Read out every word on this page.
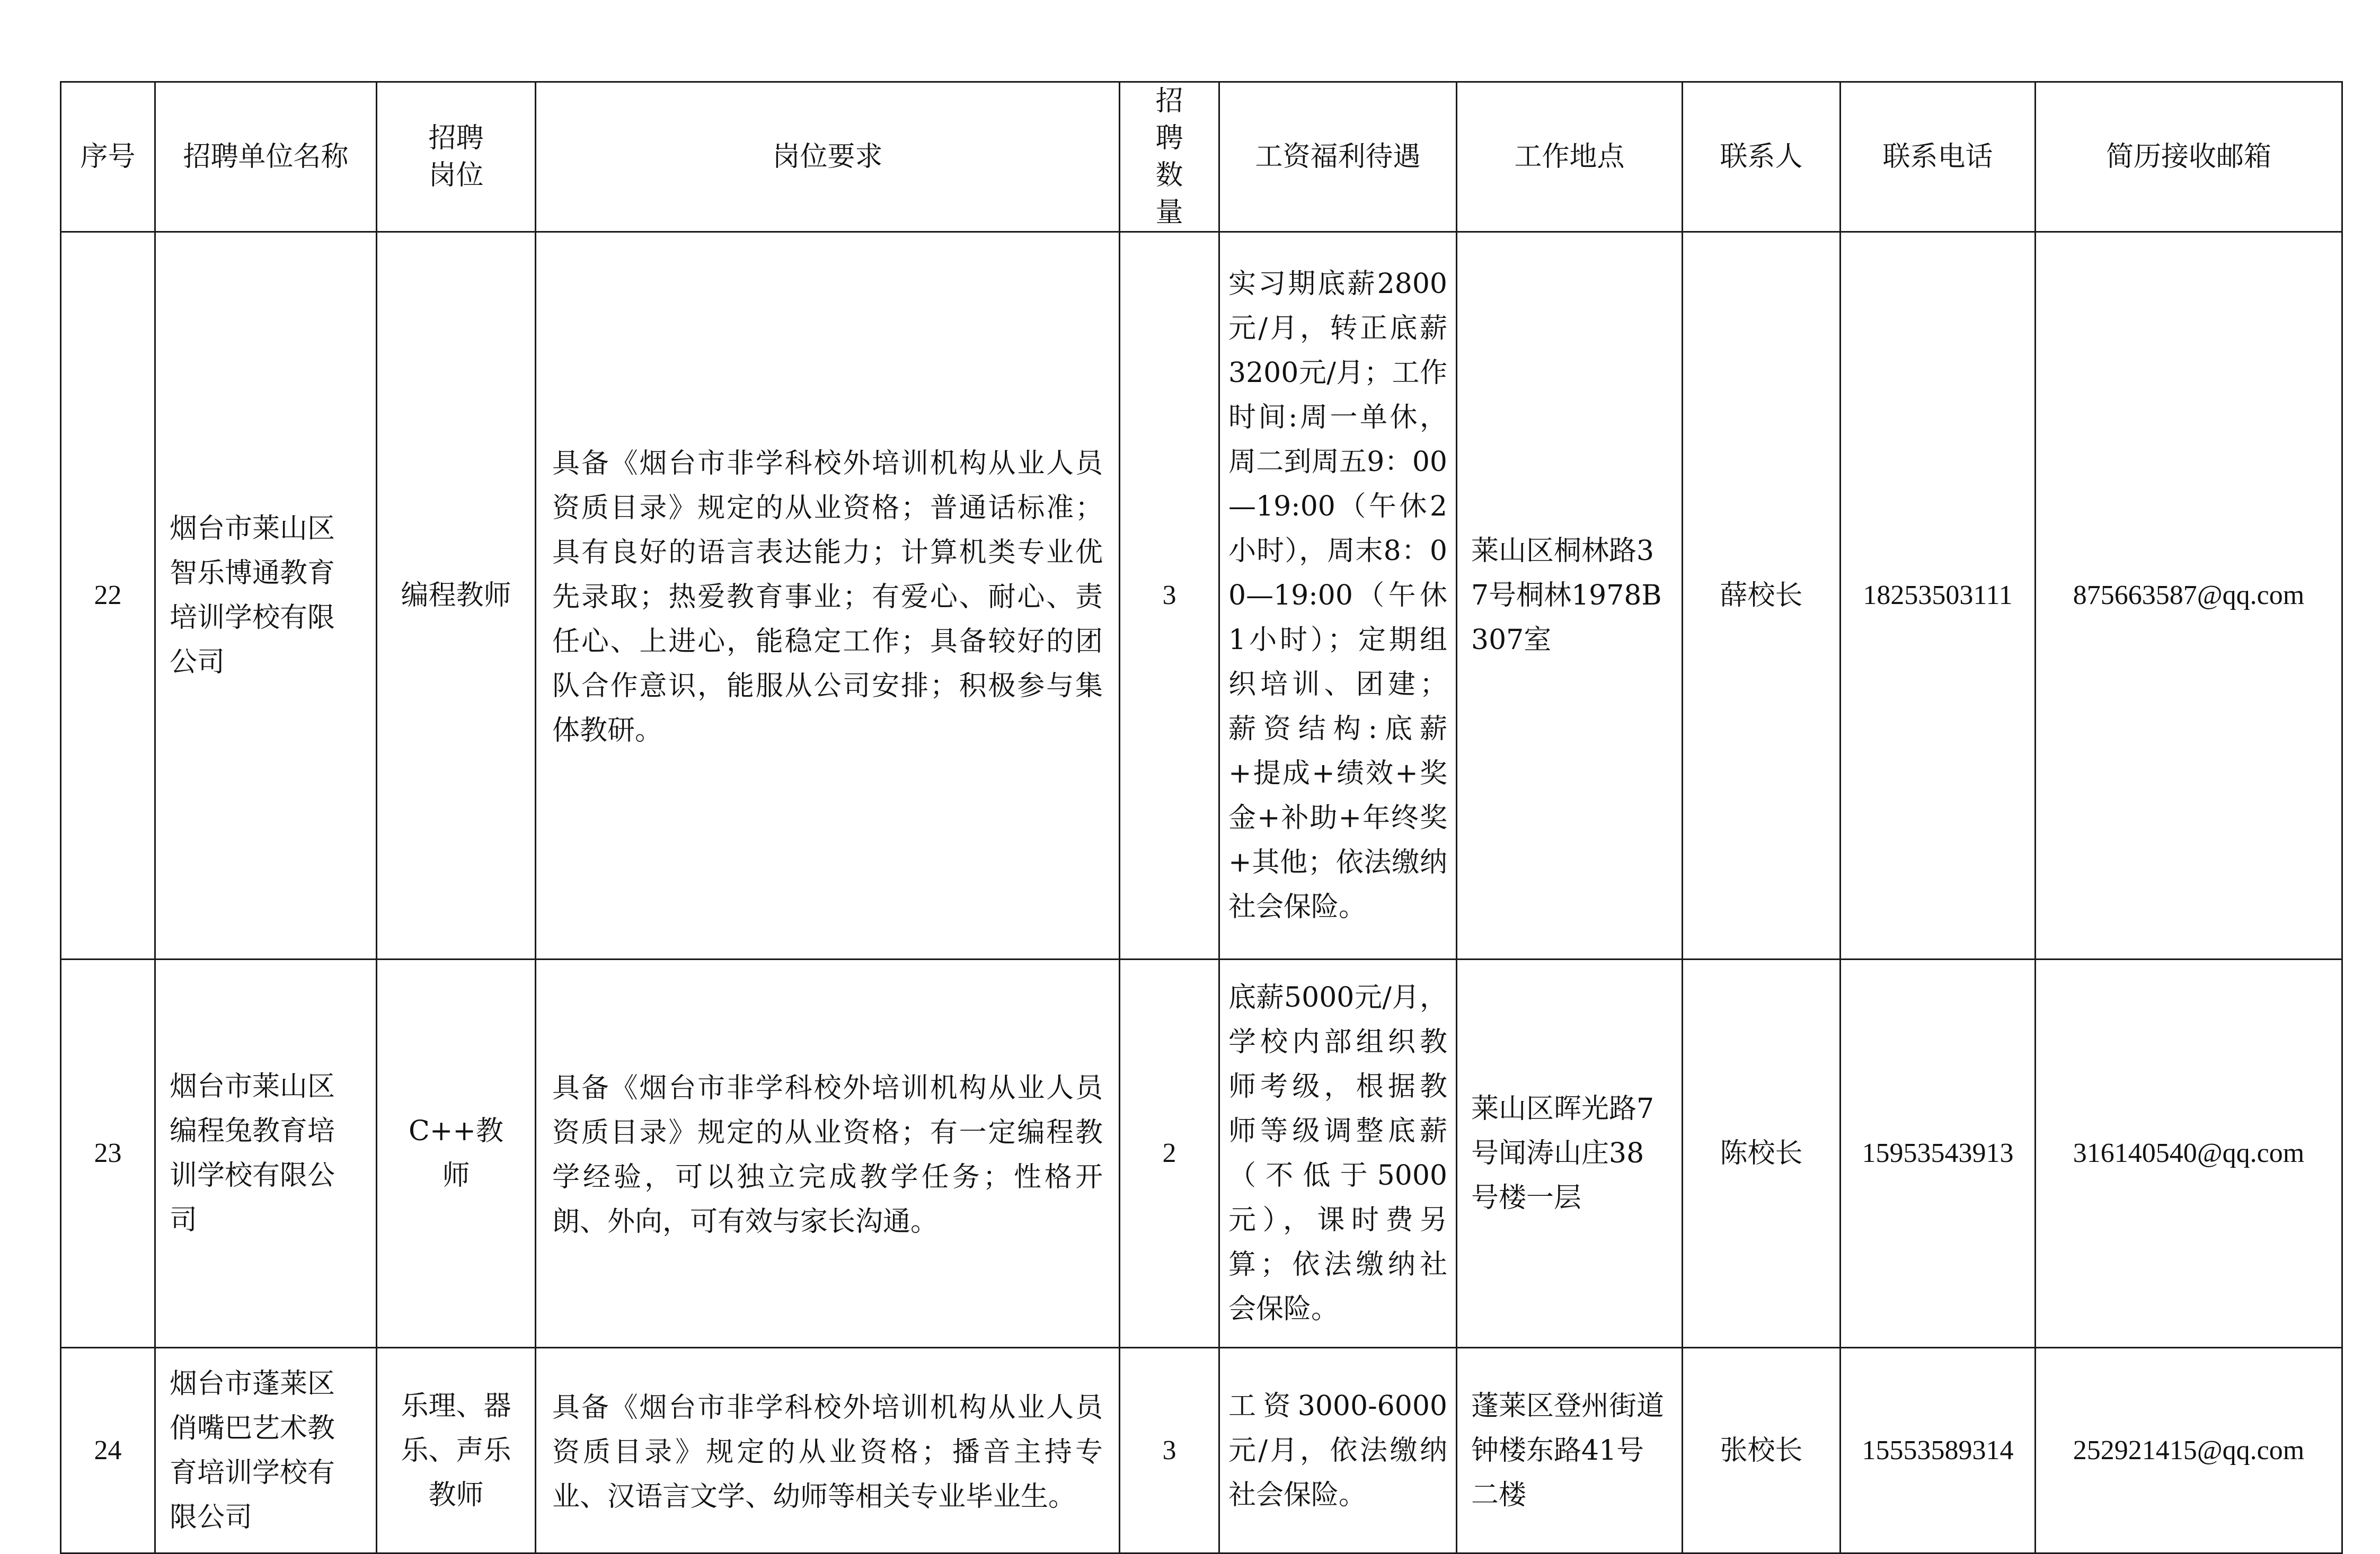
序号	招聘单位名称	招聘岗位	岗位要求	招聘数量	工资福利待遇	工作地点	联系人	联系电话	简历接收邮箱
22	烟台市莱山区智乐博通教育培训学校有限公司	编程教师	具备《烟台市非学科校外培训机构从业人员资质目录》规定的从业资格；普通话标准；具有良好的语言表达能力；计算机类专业优先录取；热爱教育事业；有爱心、耐心、责任心、上进心，能稳定工作；具备较好的团队合作意识，能服从公司安排；积极参与集体教研。	3	实习期底薪2800元/月，转正底薪3200元/月；工作时间:周一单休，周二到周五9：00—19:00（午休2小时），周末8：00—19:00（午休1小时）；定期组织培训、团建；薪资结构:底薪+提成+绩效+奖金+补助+年终奖+其他；依法缴纳社会保险。	莱山区桐林路37号桐林1978B307室	薛校长	18253503111	875663587@qq.com
23	烟台市莱山区编程兔教育培训学校有限公司	C++教师	具备《烟台市非学科校外培训机构从业人员资质目录》规定的从业资格；有一定编程教学经验，可以独立完成教学任务；性格开朗、外向，可有效与家长沟通。	2	底薪5000元/月，学校内部组织教师考级，根据教师等级调整底薪（不低于5000元），课时费另算；依法缴纳社会保险。	莱山区晖光路7号闻涛山庄38号楼一层	陈校长	15953543913	316140540@qq.com
24	烟台市蓬莱区俏嘴巴艺术教育培训学校有限公司	乐理、器乐、声乐教师	具备《烟台市非学科校外培训机构从业人员资质目录》规定的从业资格；播音主持专业、汉语言文学、幼师等相关专业毕业生。	3	工资3000-6000元/月，依法缴纳社会保险。	蓬莱区登州街道钟楼东路41号二楼	张校长	15553589314	252921415@qq.com
